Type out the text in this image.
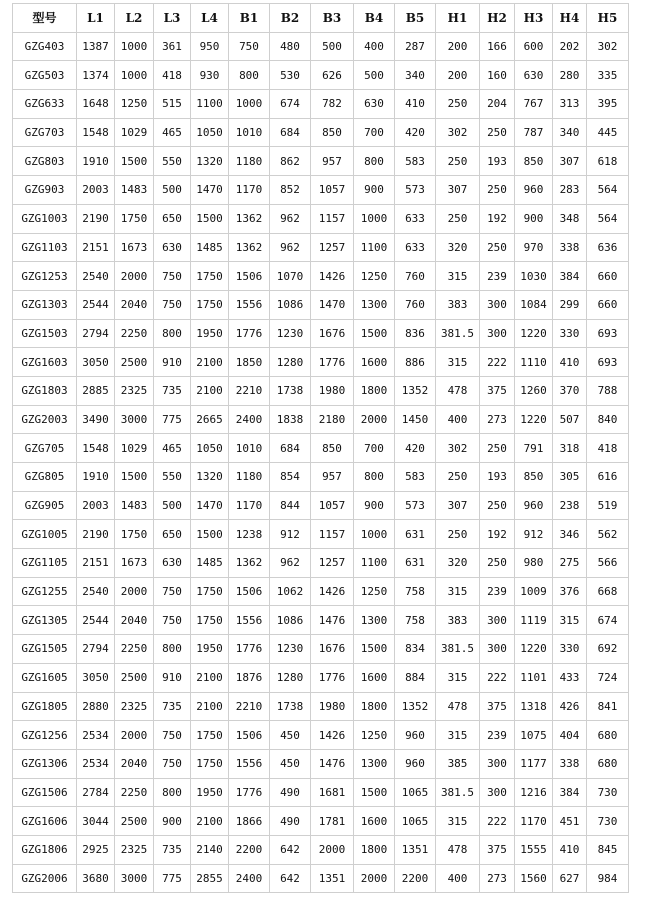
型号	L1	L2	L3	L4	B1	B2	B3	B4	B5	H1	H2	H3	H4	H5
GZG403	1387	1000	361	950	750	480	500	400	287	200	166	600	202	302
GZG503	1374	1000	418	930	800	530	626	500	340	200	160	630	280	335
GZG633	1648	1250	515	1100	1000	674	782	630	410	250	204	767	313	395
GZG703	1548	1029	465	1050	1010	684	850	700	420	302	250	787	340	445
GZG803	1910	1500	550	1320	1180	862	957	800	583	250	193	850	307	618
GZG903	2003	1483	500	1470	1170	852	1057	900	573	307	250	960	283	564
GZG1003	2190	1750	650	1500	1362	962	1157	1000	633	250	192	900	348	564
GZG1103	2151	1673	630	1485	1362	962	1257	1100	633	320	250	970	338	636
GZG1253	2540	2000	750	1750	1506	1070	1426	1250	760	315	239	1030	384	660
GZG1303	2544	2040	750	1750	1556	1086	1470	1300	760	383	300	1084	299	660
GZG1503	2794	2250	800	1950	1776	1230	1676	1500	836	381.5	300	1220	330	693
GZG1603	3050	2500	910	2100	1850	1280	1776	1600	886	315	222	1110	410	693
GZG1803	2885	2325	735	2100	2210	1738	1980	1800	1352	478	375	1260	370	788
GZG2003	3490	3000	775	2665	2400	1838	2180	2000	1450	400	273	1220	507	840
GZG705	1548	1029	465	1050	1010	684	850	700	420	302	250	791	318	418
GZG805	1910	1500	550	1320	1180	854	957	800	583	250	193	850	305	616
GZG905	2003	1483	500	1470	1170	844	1057	900	573	307	250	960	238	519
GZG1005	2190	1750	650	1500	1238	912	1157	1000	631	250	192	912	346	562
GZG1105	2151	1673	630	1485	1362	962	1257	1100	631	320	250	980	275	566
GZG1255	2540	2000	750	1750	1506	1062	1426	1250	758	315	239	1009	376	668
GZG1305	2544	2040	750	1750	1556	1086	1476	1300	758	383	300	1119	315	674
GZG1505	2794	2250	800	1950	1776	1230	1676	1500	834	381.5	300	1220	330	692
GZG1605	3050	2500	910	2100	1876	1280	1776	1600	884	315	222	1101	433	724
GZG1805	2880	2325	735	2100	2210	1738	1980	1800	1352	478	375	1318	426	841
GZG1256	2534	2000	750	1750	1506	450	1426	1250	960	315	239	1075	404	680
GZG1306	2534	2040	750	1750	1556	450	1476	1300	960	385	300	1177	338	680
GZG1506	2784	2250	800	1950	1776	490	1681	1500	1065	381.5	300	1216	384	730
GZG1606	3044	2500	900	2100	1866	490	1781	1600	1065	315	222	1170	451	730
GZG1806	2925	2325	735	2140	2200	642	2000	1800	1351	478	375	1555	410	845
GZG2006	3680	3000	775	2855	2400	642	1351	2000	2200	400	273	1560	627	984
